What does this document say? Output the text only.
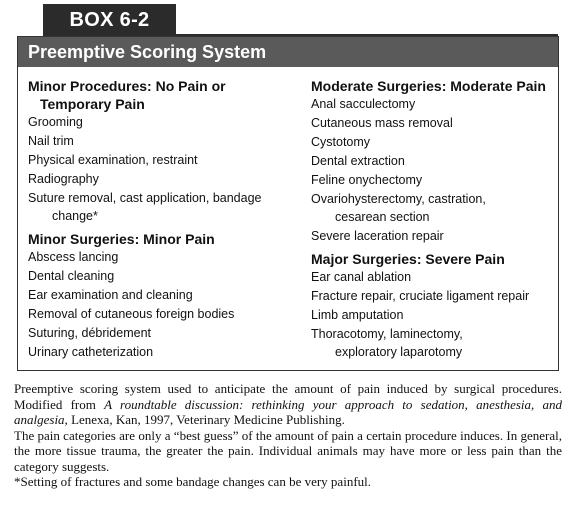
BOX 6-2
Preemptive Scoring System
Minor Procedures: No Pain or
Temporary Pain
Grooming
Nail trim
Physical examination, restraint
Radiography
Suture removal, cast application, bandage
change*
Minor Surgeries: Minor Pain
Abscess lancing
Dental cleaning
Ear examination and cleaning
Removal of cutaneous foreign bodies
Suturing, débridement
Urinary catheterization
Moderate Surgeries: Moderate Pain
Anal sacculectomy
Cutaneous mass removal
Cystotomy
Dental extraction
Feline onychectomy
Ovariohysterectomy, castration,
cesarean section
Severe laceration repair
Major Surgeries: Severe Pain
Ear canal ablation
Fracture repair, cruciate ligament repair
Limb amputation
Thoracotomy, laminectomy,
exploratory laparotomy

Preemptive scoring system used to anticipate the amount of pain induced by surgical procedures. Modified from A roundtable discussion: rethinking your approach to sedation, anesthesia, and analgesia, Lenexa, Kan, 1997, Veterinary Medicine Publishing.

The pain categories are only a “best guess” of the amount of pain a certain procedure induces. In general, the more tissue trauma, the greater the pain. Individual animals may have more or less pain than the category suggests.

*Setting of fractures and some bandage changes can be very painful.
